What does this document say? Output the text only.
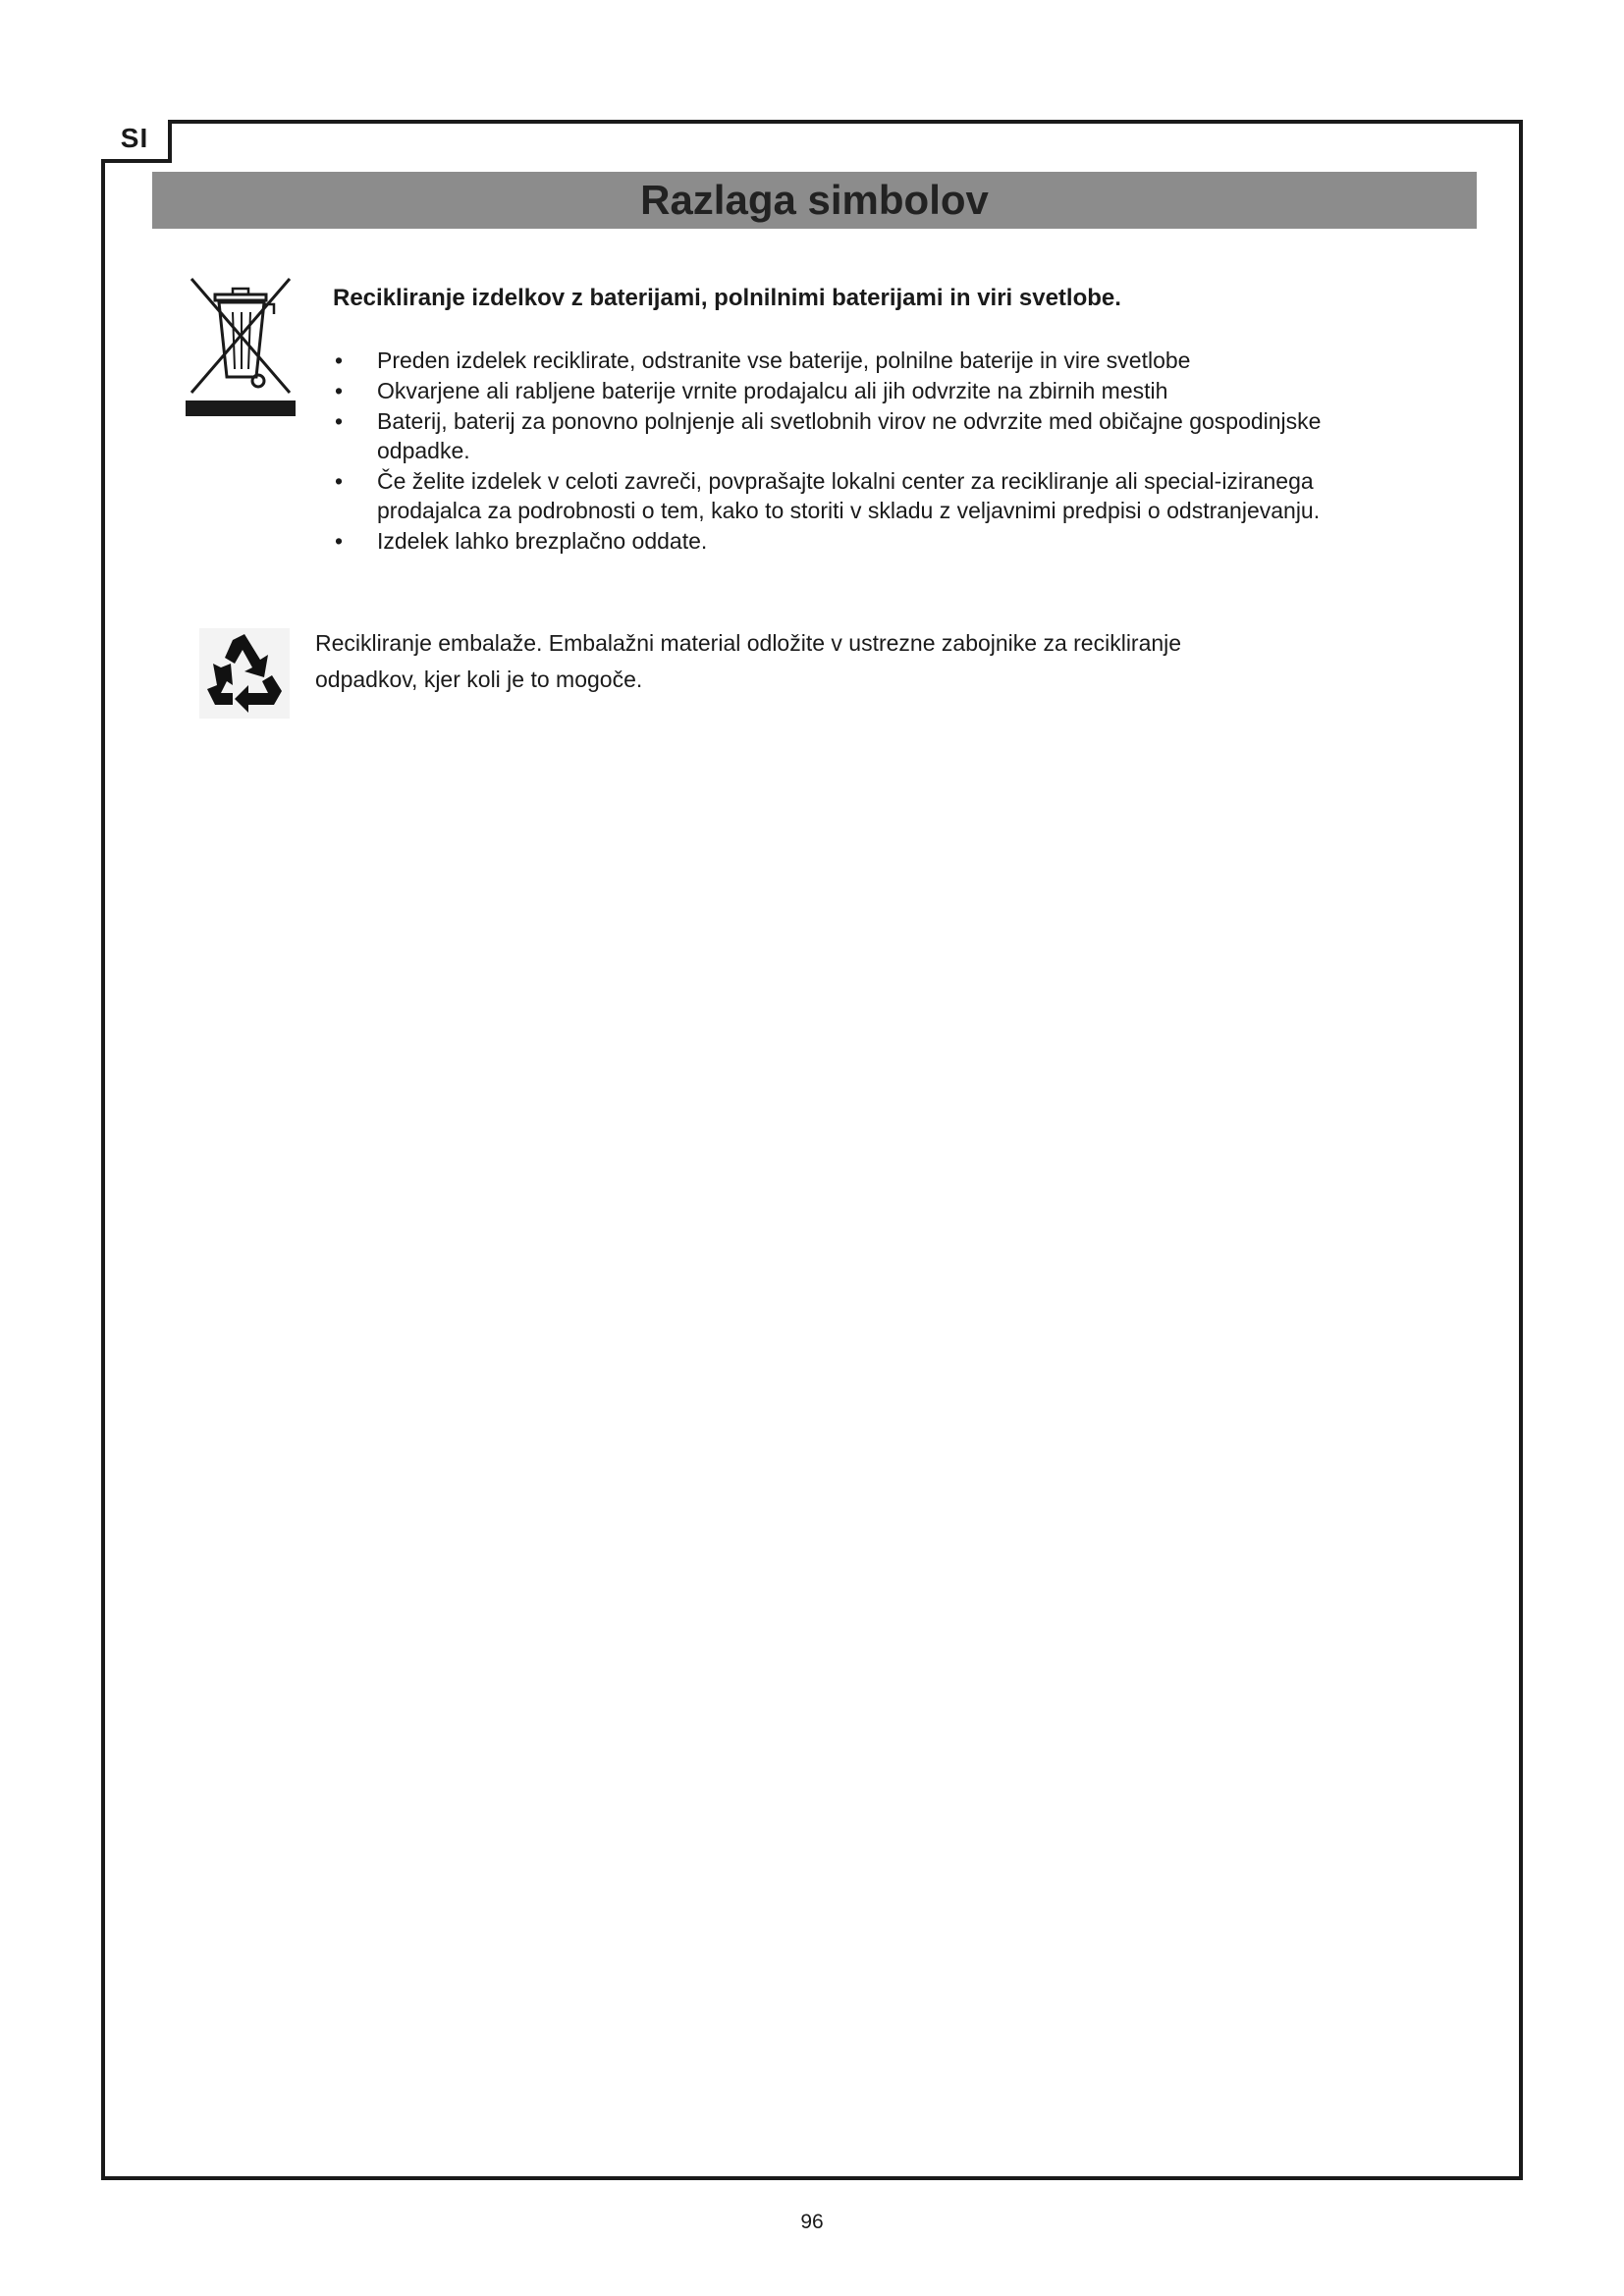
SI
Razlaga simbolov
Recikliranje izdelkov z baterijami, polnilnimi baterijami in viri svetlobe.
•	Preden izdelek reciklirate, odstranite vse baterije, polnilne baterije in vire svetlobe
•	Okvarjene ali rabljene baterije vrnite prodajalcu ali jih odvrzite na zbirnih mestih
•	Baterij, baterij za ponovno polnjenje ali svetlobnih virov ne odvrzite med običajne gospodinjske odpadke.
•	Če želite izdelek v celoti zavreči, povprašajte lokalni center za recikliranje ali special-iziranega prodajalca za podrobnosti o tem, kako to storiti v skladu z veljavnimi predpisi o odstranjevanju.
•	Izdelek lahko brezplačno oddate.
Recikliranje embalaže. Embalažni material odložite v ustrezne zabojnike za recikliranje odpadkov, kjer koli je to mogoče.
96
